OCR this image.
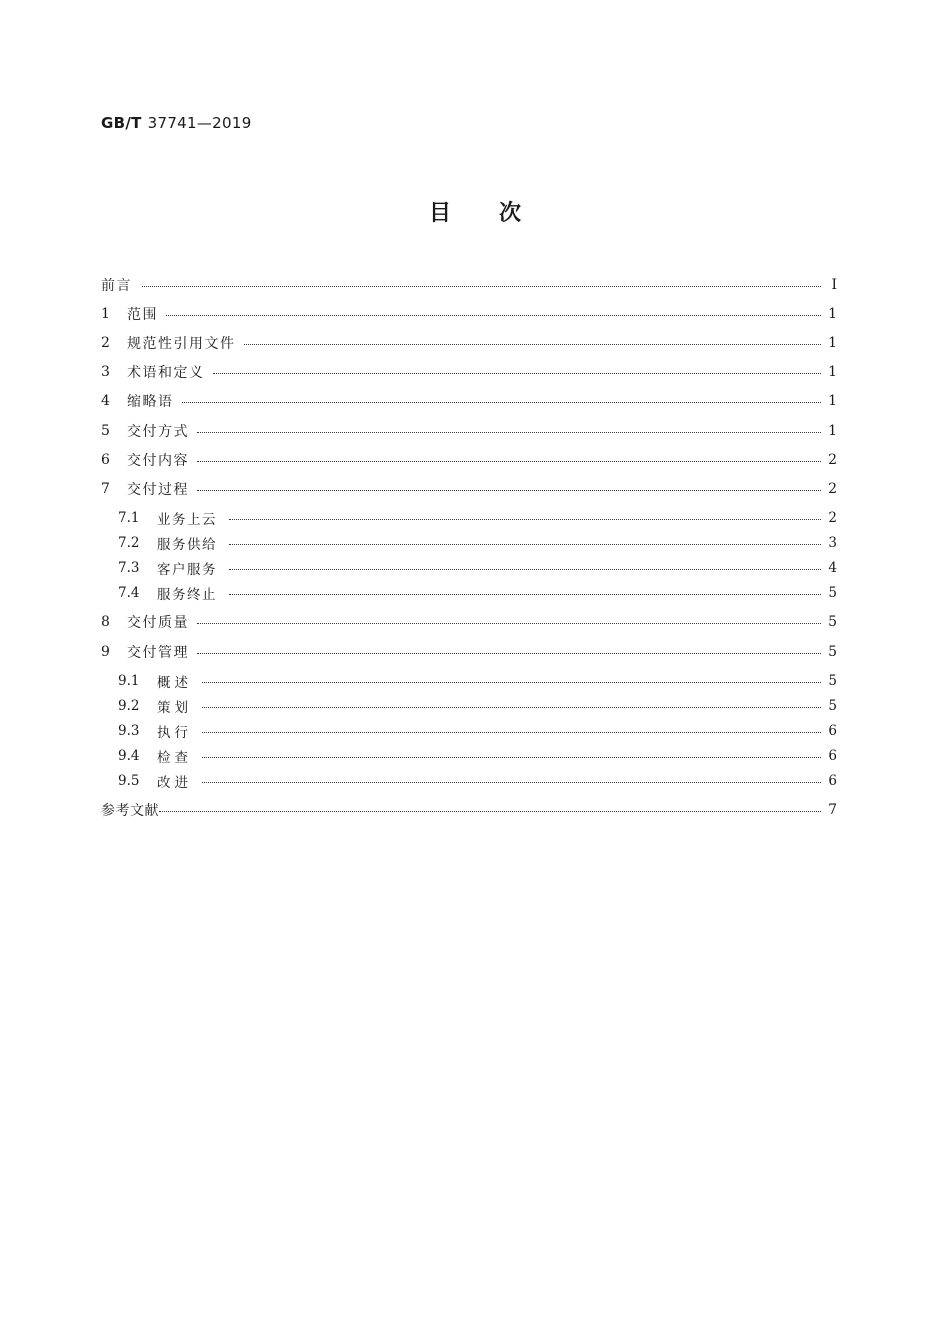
GB/T 37741—2019
目次
前言	Ⅰ
1	范围	1
2	规范性引用文件	1
3	术语和定义	1
4	缩略语	1
5	交付方式	1
6	交付内容	2
7	交付过程	2
7.1	业务上云	2
7.2	服务供给	3
7.3	客户服务	4
7.4	服务终止	5
8	交付质量	5
9	交付管理	5
9.1	概述	5
9.2	策划	5
9.3	执行	6
9.4	检查	6
9.5	改进	6
参考文献	7
